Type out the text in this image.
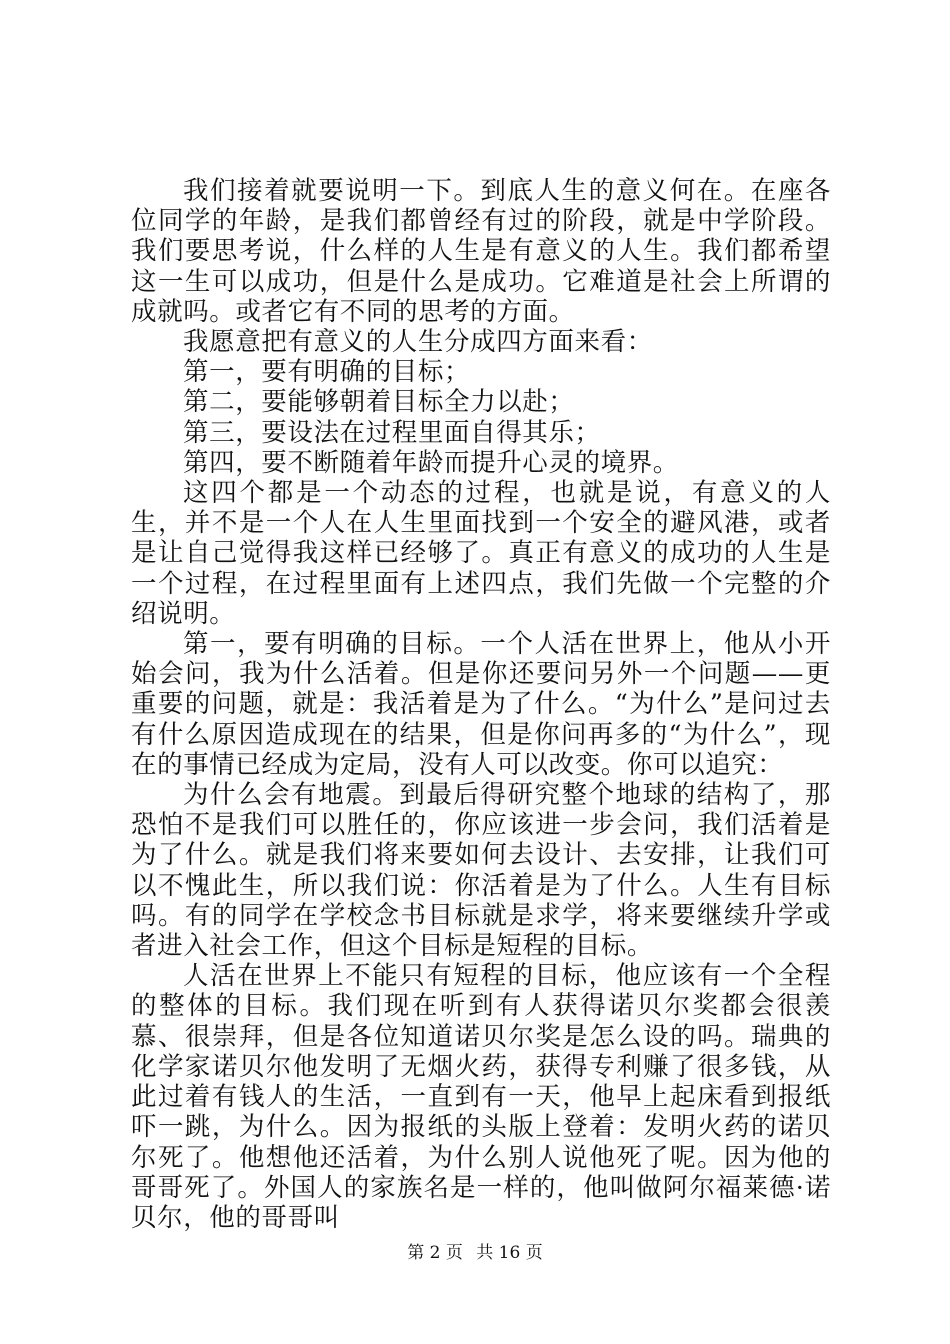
我们接着就要说明一下。到底人生的意义何在。在座各位同学的年龄，是我们都曾经有过的阶段，就是中学阶段。我们要思考说，什么样的人生是有意义的人生。我们都希望这一生可以成功，但是什么是成功。它难道是社会上所谓的成就吗。或者它有不同的思考的方面。

我愿意把有意义的人生分成四方面来看：

第一，要有明确的目标；

第二，要能够朝着目标全力以赴；

第三，要设法在过程里面自得其乐；

第四，要不断随着年龄而提升心灵的境界。

这四个都是一个动态的过程，也就是说，有意义的人生，并不是一个人在人生里面找到一个安全的避风港，或者是让自己觉得我这样已经够了。真正有意义的成功的人生是一个过程，在过程里面有上述四点，我们先做一个完整的介绍说明。

第一，要有明确的目标。一个人活在世界上，他从小开始会问，我为什么活着。但是你还要问另外一个问题——更重要的问题，就是：我活着是为了什么。“为什么”是问过去有什么原因造成现在的结果，但是你问再多的“为什么”，现在的事情已经成为定局，没有人可以改变。你可以追究：

为什么会有地震。到最后得研究整个地球的结构了，那恐怕不是我们可以胜任的，你应该进一步会问，我们活着是为了什么。就是我们将来要如何去设计、去安排，让我们可以不愧此生，所以我们说：你活着是为了什么。人生有目标吗。有的同学在学校念书目标就是求学，将来要继续升学或者进入社会工作，但这个目标是短程的目标。

人活在世界上不能只有短程的目标，他应该有一个全程的整体的目标。我们现在听到有人获得诺贝尔奖都会很羡慕、很崇拜，但是各位知道诺贝尔奖是怎么设的吗。瑞典的化学家诺贝尔他发明了无烟火药，获得专利赚了很多钱，从此过着有钱人的生活，一直到有一天，他早上起床看到报纸吓一跳，为什么。因为报纸的头版上登着：发明火药的诺贝尔死了。他想他还活着，为什么别人说他死了呢。因为他的哥哥死了。外国人的家族名是一样的，他叫做阿尔福莱德·诺贝尔，他的哥哥叫

第 2 页 共 16 页
